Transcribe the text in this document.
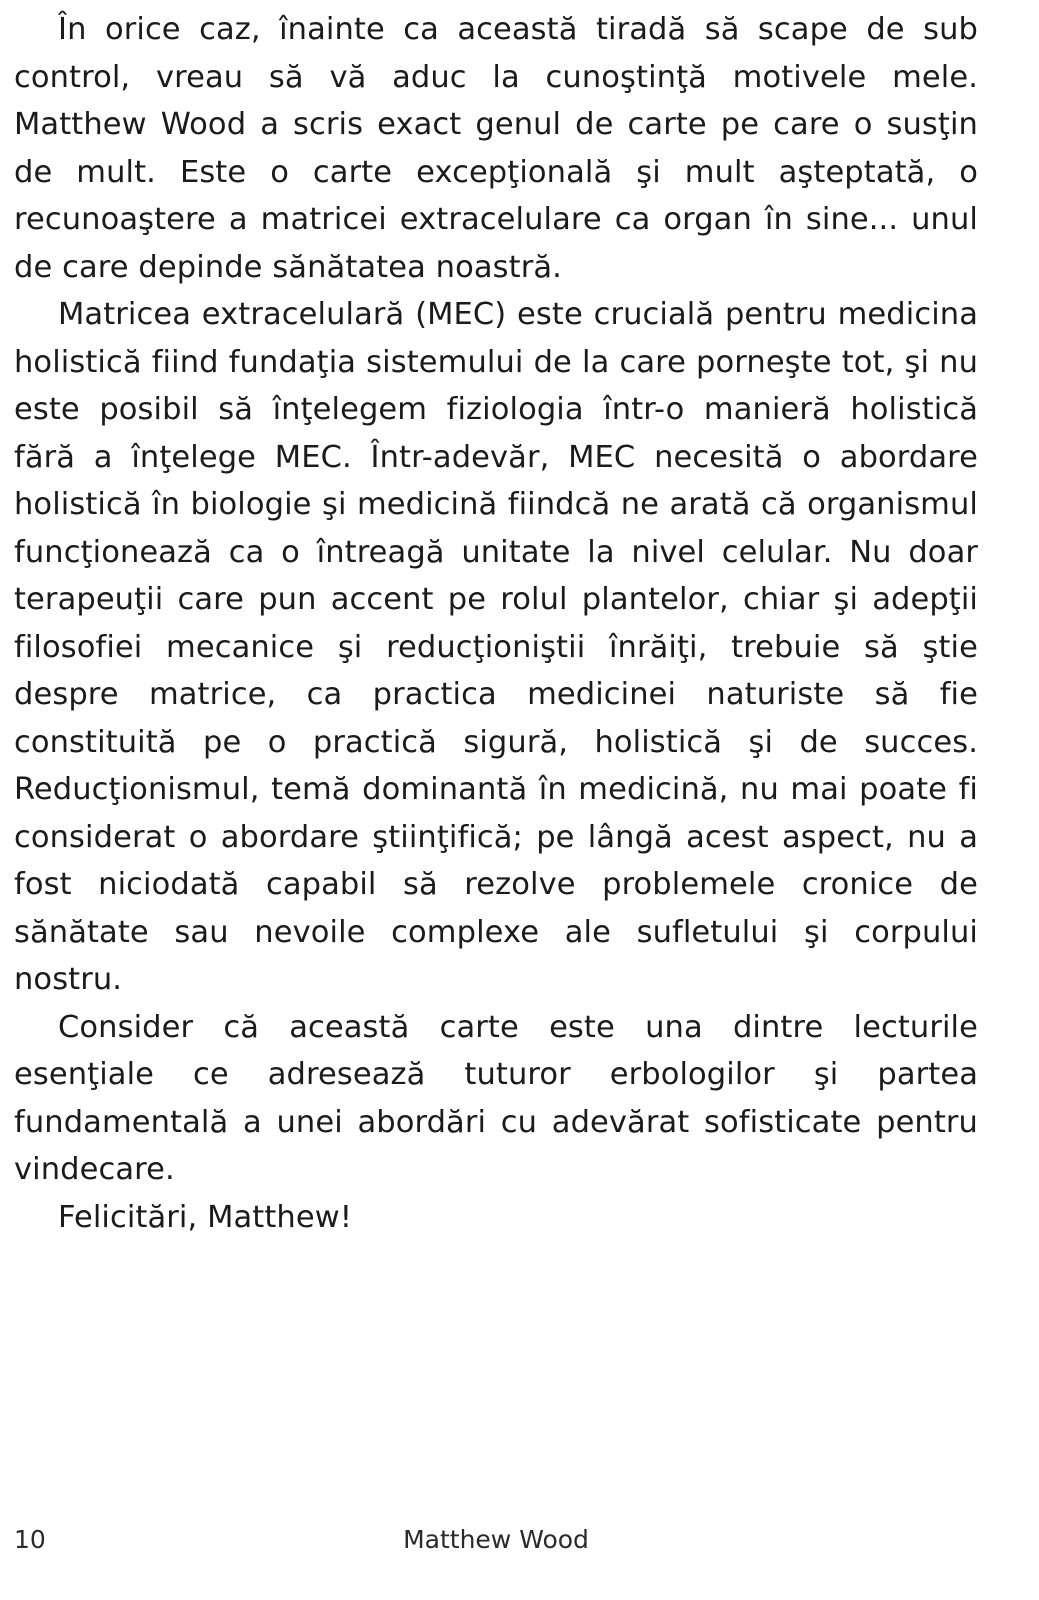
În orice caz, înainte ca această tiradă să scape de sub control, vreau să vă aduc la cunoştinţă motivele mele. Matthew Wood a scris exact genul de carte pe care o susţin de mult. Este o carte excepţională şi mult aşteptată, o recunoaştere a matricei extracelulare ca organ în sine... unul de care depinde sănătatea noastră.

Matricea extracelulară (MEC) este crucială pentru medicina holistică fiind fundaţia sistemului de la care porneşte tot, şi nu este posibil să înţelegem fiziologia într-o manieră holistică fără a înţelege MEC. Într-adevăr, MEC necesită o abordare holistică în biologie şi medicină fiindcă ne arată că organismul funcţionează ca o întreagă unitate la nivel celular. Nu doar terapeuţii care pun accent pe rolul plantelor, chiar şi adepţii filosofiei mecanice şi reducţioniştii înrăiţi, trebuie să ştie despre matrice, ca practica medicinei naturiste să fie constituită pe o practică sigură, holistică şi de succes. Reducţionismul, temă dominantă în medicină, nu mai poate fi considerat o abordare ştiinţifică; pe lângă acest aspect, nu a fost niciodată capabil să rezolve problemele cronice de sănătate sau nevoile complexe ale sufletului şi corpului nostru.

Consider că această carte este una dintre lecturile esenţiale ce adresează tuturor erbologilor şi partea fundamentală a unei abordări cu adevărat sofisticate pentru vindecare.

Felicitări, Matthew!

10	Matthew Wood
